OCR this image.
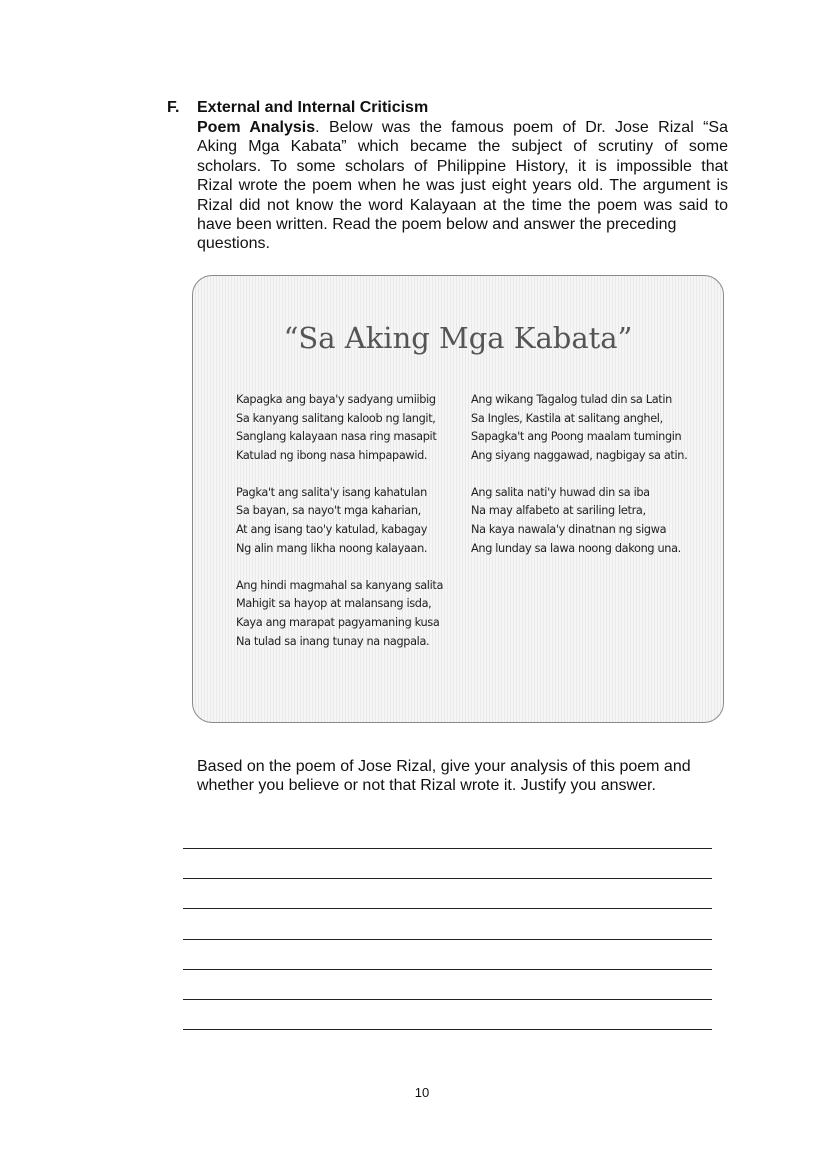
F. External and Internal Criticism
Poem Analysis. Below was the famous poem of Dr. Jose Rizal “Sa
Aking Mga Kabata” which became the subject of scrutiny of some
scholars. To some scholars of Philippine History, it is impossible that
Rizal wrote the poem when he was just eight years old. The argument is
Rizal did not know the word Kalayaan at the time the poem was said to
have been written. Read the poem below and answer the preceding
questions.
“Sa Aking Mga Kabata”
Kapagka ang baya'y sadyang umiibig
Sa kanyang salitang kaloob ng langit,
Sanglang kalayaan nasa ring masapit
Katulad ng ibong nasa himpapawid.
Pagka't ang salita'y isang kahatulan
Sa bayan, sa nayo't mga kaharian,
At ang isang tao'y katulad, kabagay
Ng alin mang likha noong kalayaan.
Ang hindi magmahal sa kanyang salita
Mahigit sa hayop at malansang isda,
Kaya ang marapat pagyamaning kusa
Na tulad sa inang tunay na nagpala.
Ang wikang Tagalog tulad din sa Latin
Sa Ingles, Kastila at salitang anghel,
Sapagka't ang Poong maalam tumingin
Ang siyang naggawad, nagbigay sa atin.
Ang salita nati'y huwad din sa iba
Na may alfabeto at sariling letra,
Na kaya nawala'y dinatnan ng sigwa
Ang lunday sa lawa noong dakong una.
Based on the poem of Jose Rizal, give your analysis of this poem and
whether you believe or not that Rizal wrote it. Justify you answer.
10
